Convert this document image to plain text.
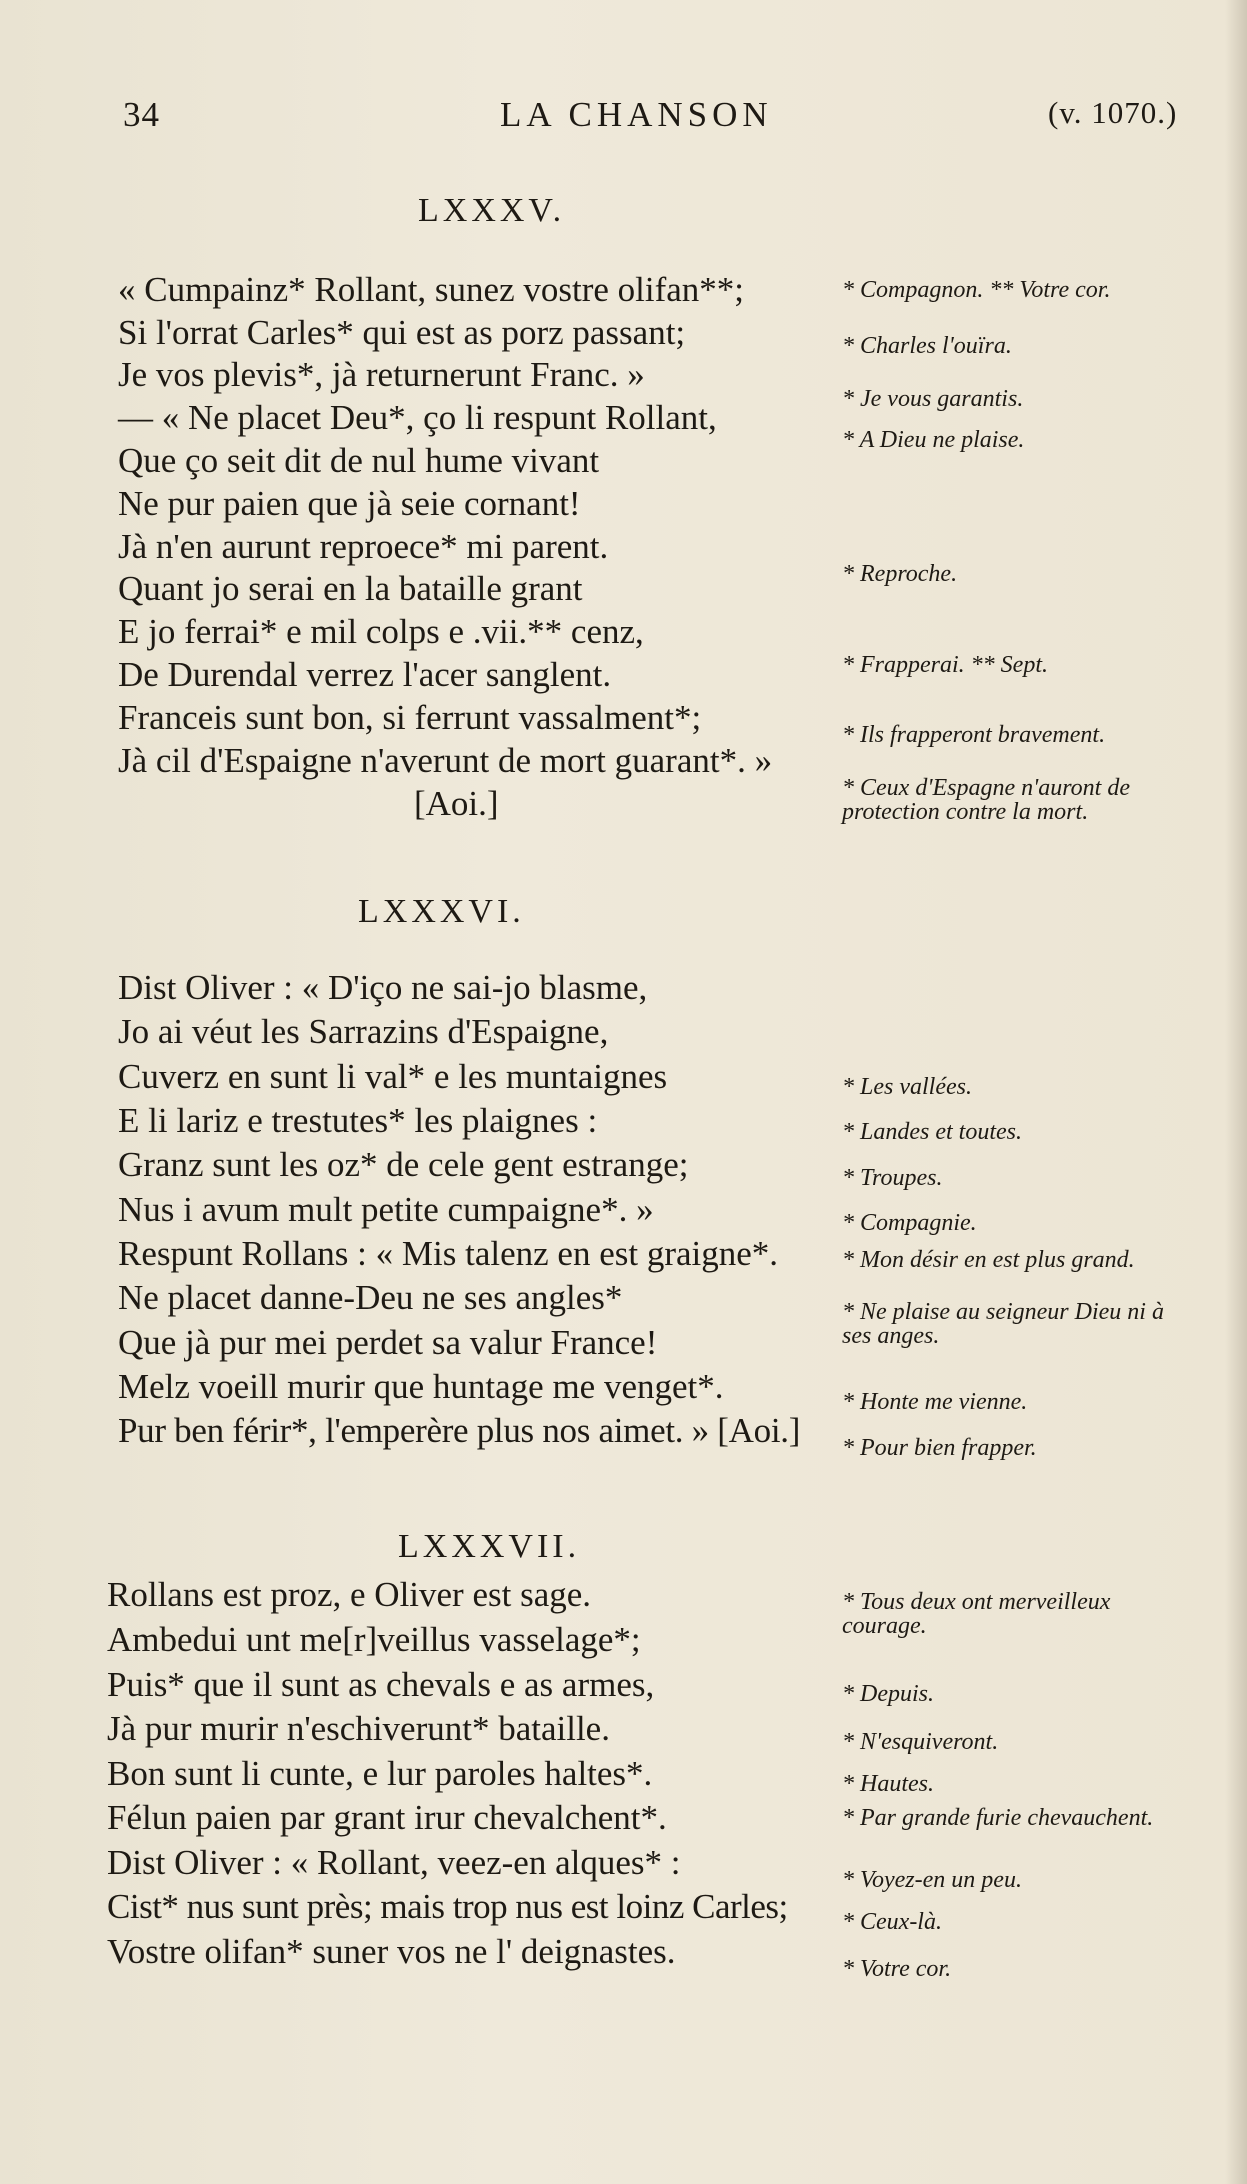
34	LA CHANSON	(v. 1070.)
LXXXV.
« Cumpainz* Rollant, sunez vostre olifan**;
Si l'orrat Carles* qui est as porz passant;
Je vos plevis*, jà returnerunt Franc. »
— « Ne placet Deu*, ço li respunt Rollant,
Que ço seit dit de nul hume vivant
Ne pur paien que jà seie cornant!
Jà n'en aurunt reproece* mi parent.
Quant jo serai en la bataille grant
E jo ferrai* e mil colps e .vii.** cenz,
De Durendal verrez l'acer sanglent.
Franceis sunt bon, si ferrunt vassalment*;
Jà cil d'Espaigne n'averunt de mort guarant*. »
[Aoi.]
* Compagnon. ** Votre cor.
* Charles l'ouïra.
* Je vous garantis.
* A Dieu ne plaise.
* Reproche.
* Frapperai. ** Sept.
* Ils frapperont bravement.
* Ceux d'Espagne n'auront de protection contre la mort.
LXXXVI.
Dist Oliver : « D'iço ne sai-jo blasme,
Jo ai véut les Sarrazins d'Espaigne,
Cuverz en sunt li val* e les muntaignes
E li lariz e trestutes* les plaignes :
Granz sunt les oz* de cele gent estrange;
Nus i avum mult petite cumpaigne*. »
Respunt Rollans : « Mis talenz en est graigne*.
Ne placet danne-Deu ne ses angles*
Que jà pur mei perdet sa valur France!
Melz voeill murir que huntage me venget*.
Pur ben férir*, l'emperère plus nos aimet. » [Aoi.]
* Les vallées.
* Landes et toutes.
* Troupes.
* Compagnie.
* Mon désir en est plus grand.
* Ne plaise au seigneur Dieu ni à ses anges.
* Honte me vienne.
* Pour bien frapper.
LXXXVII.
Rollans est proz, e Oliver est sage.
Ambedui unt me[r]veillus vasselage*;
Puis* que il sunt as chevals e as armes,
Jà pur murir n'eschiverunt* bataille.
Bon sunt li cunte, e lur paroles haltes*.
Félun paien par grant irur chevalchent*.
Dist Oliver : « Rollant, veez-en alques* :
Cist* nus sunt près; mais trop nus est loinz Carles;
Vostre olifan* suner vos ne l' deignastes.
* Tous deux ont merveilleux courage.
* Depuis.
* N'esquiveront.
* Hautes.
* Par grande furie chevauchent.
* Voyez-en un peu.
* Ceux-là.
* Votre cor.
